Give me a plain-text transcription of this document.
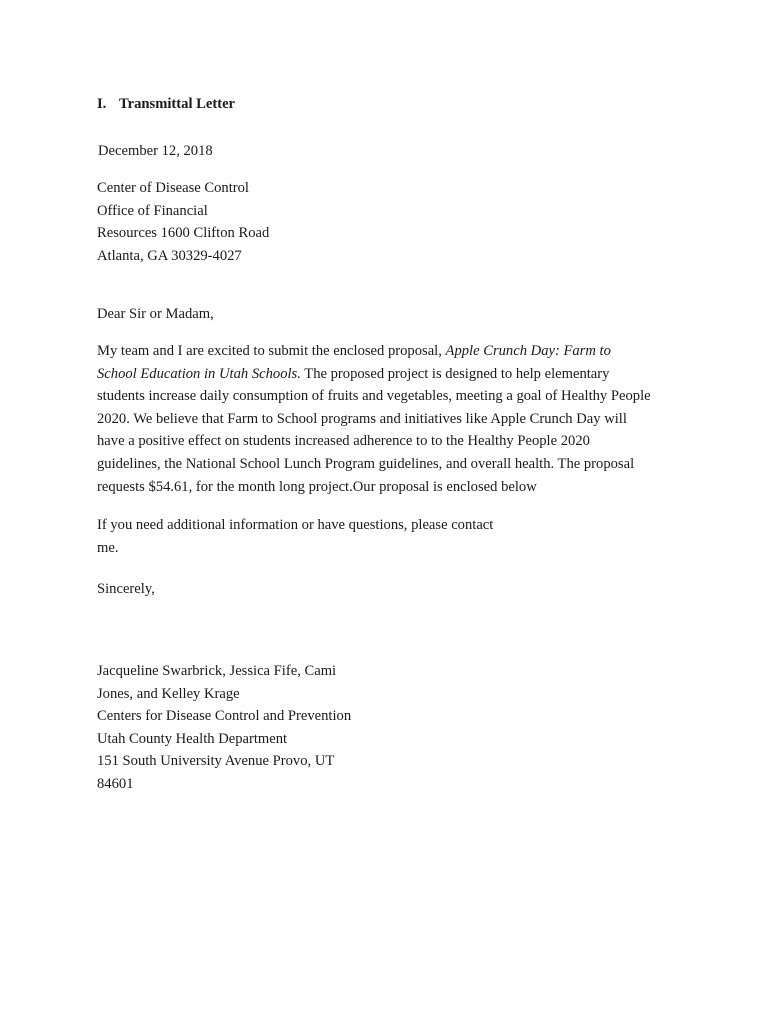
I. Transmittal Letter

December 12, 2018

Center of Disease Control
Office of Financial
Resources 1600 Clifton Road
Atlanta, GA 30329-4027

Dear Sir or Madam,

My team and I are excited to submit the enclosed proposal, Apple Crunch Day: Farm to
School Education in Utah Schools. The proposed project is designed to help elementary
students increase daily consumption of fruits and vegetables, meeting a goal of Healthy People
2020. We believe that Farm to School programs and initiatives like Apple Crunch Day will
have a positive effect on students increased adherence to to the Healthy People 2020
guidelines, the National School Lunch Program guidelines, and overall health. The proposal
requests $54.61, for the month long project.Our proposal is enclosed below

If you need additional information or have questions, please contact
me.

Sincerely,

Jacqueline Swarbrick, Jessica Fife, Cami
Jones, and Kelley Krage
Centers for Disease Control and Prevention
Utah County Health Department
151 South University Avenue Provo, UT
84601
